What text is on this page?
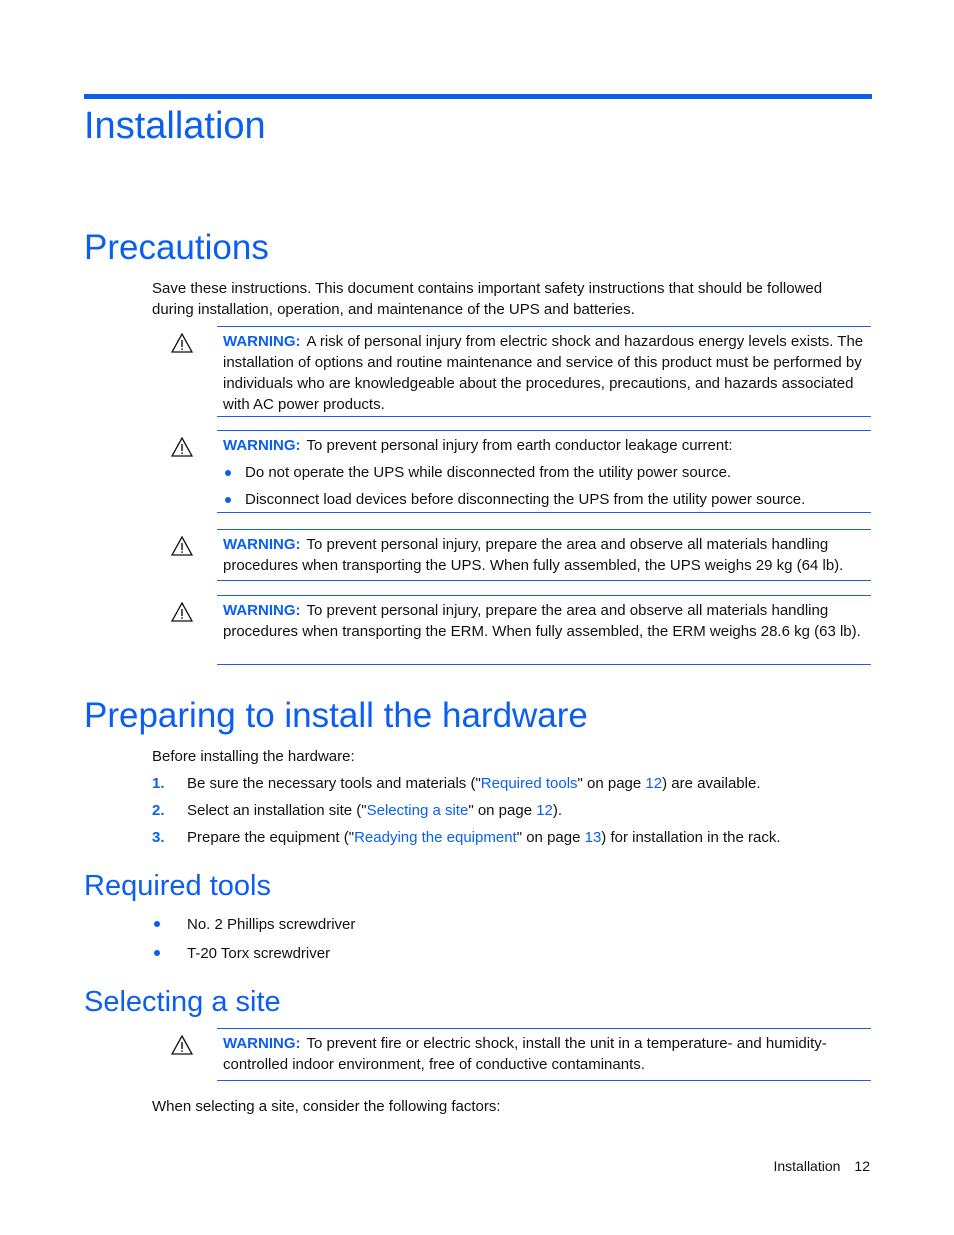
Installation
Precautions
Save these instructions. This document contains important safety instructions that should be followed during installation, operation, and maintenance of the UPS and batteries.
WARNING: A risk of personal injury from electric shock and hazardous energy levels exists. The installation of options and routine maintenance and service of this product must be performed by individuals who are knowledgeable about the procedures, precautions, and hazards associated with AC power products.
WARNING: To prevent personal injury from earth conductor leakage current:
Do not operate the UPS while disconnected from the utility power source.
Disconnect load devices before disconnecting the UPS from the utility power source.
WARNING: To prevent personal injury, prepare the area and observe all materials handling procedures when transporting the UPS. When fully assembled, the UPS weighs 29 kg (64 lb).
WARNING: To prevent personal injury, prepare the area and observe all materials handling procedures when transporting the ERM. When fully assembled, the ERM weighs 28.6 kg (63 lb).
Preparing to install the hardware
Before installing the hardware:
1. Be sure the necessary tools and materials ("Required tools" on page 12) are available.
2. Select an installation site ("Selecting a site" on page 12).
3. Prepare the equipment ("Readying the equipment" on page 13) for installation in the rack.
Required tools
No. 2 Phillips screwdriver
T-20 Torx screwdriver
Selecting a site
WARNING: To prevent fire or electric shock, install the unit in a temperature- and humidity-controlled indoor environment, free of conductive contaminants.
When selecting a site, consider the following factors:
Installation 12
